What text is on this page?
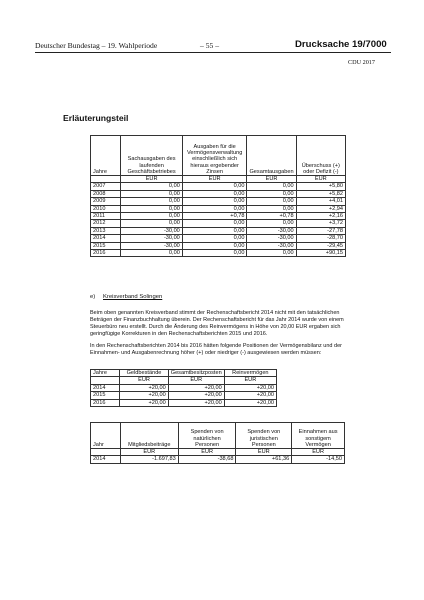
Deutscher Bundestag – 19. Wahlperiode	– 55 –	Drucksache 19/7000
CDU 2017
Erläuterungsteil
Jahre	Sachausgaben des laufenden Geschäftsbetriebes	Ausgaben für die Vermögensverwaltung einschließlich sich hieraus ergebender Zinsen	Gesamtausgaben	Überschuss (+) oder Defizit (-)
	EUR	EUR	EUR	EUR
2007	0,00	0,00	0,00	+5,80
2008	0,00	0,00	0,00	+5,82
2009	0,00	0,00	0,00	+4,01
2010	0,00	0,00	0,00	+2,94
2011	0,00	+0,78	+0,78	+2,16
2012	0,00	0,00	0,00	+3,72
2013	-30,00	0,00	-30,00	-27,78
2014	-30,00	0,00	-30,00	-28,70
2015	-30,00	0,00	-30,00	-29,45
2016	0,00	0,00	0,00	+90,15
e) Kreisverband Solingen
Beim oben genannten Kreisverband stimmt der Rechenschaftsbericht 2014 nicht mit den tatsächlichen Beträgen der Finanzbuchhaltung überein. Der Rechenschaftsbericht für das Jahr 2014 wurde von einem Steuerbüro neu erstellt. Durch die Änderung des Reinvermögens in Höhe von 20,00 EUR ergaben sich geringfügige Korrekturen in den Rechenschaftsberichten 2015 und 2016.
In den Rechenschaftsberichten 2014 bis 2016 hätten folgende Positionen der Vermögensbilanz und der Einnahmen- und Ausgabenrechnung höher (+) oder niedriger (-) ausgewiesen werden müssen:
Jahre	Geldbestände	Gesamtbesitzposten	Reinvermögen
	EUR	EUR	EUR
2014	+20,00	+20,00	+20,00
2015	+20,00	+20,00	+20,00
2016	+20,00	+20,00	+20,00
Jahr	Mitgliedsbeiträge	Spenden von natürlichen Personen	Spenden von juristischen Personen	Einnahmen aus sonstigem Vermögen
	EUR	EUR	EUR	EUR
2014	-1.697,83	-38,68	+61,36	-14,50
